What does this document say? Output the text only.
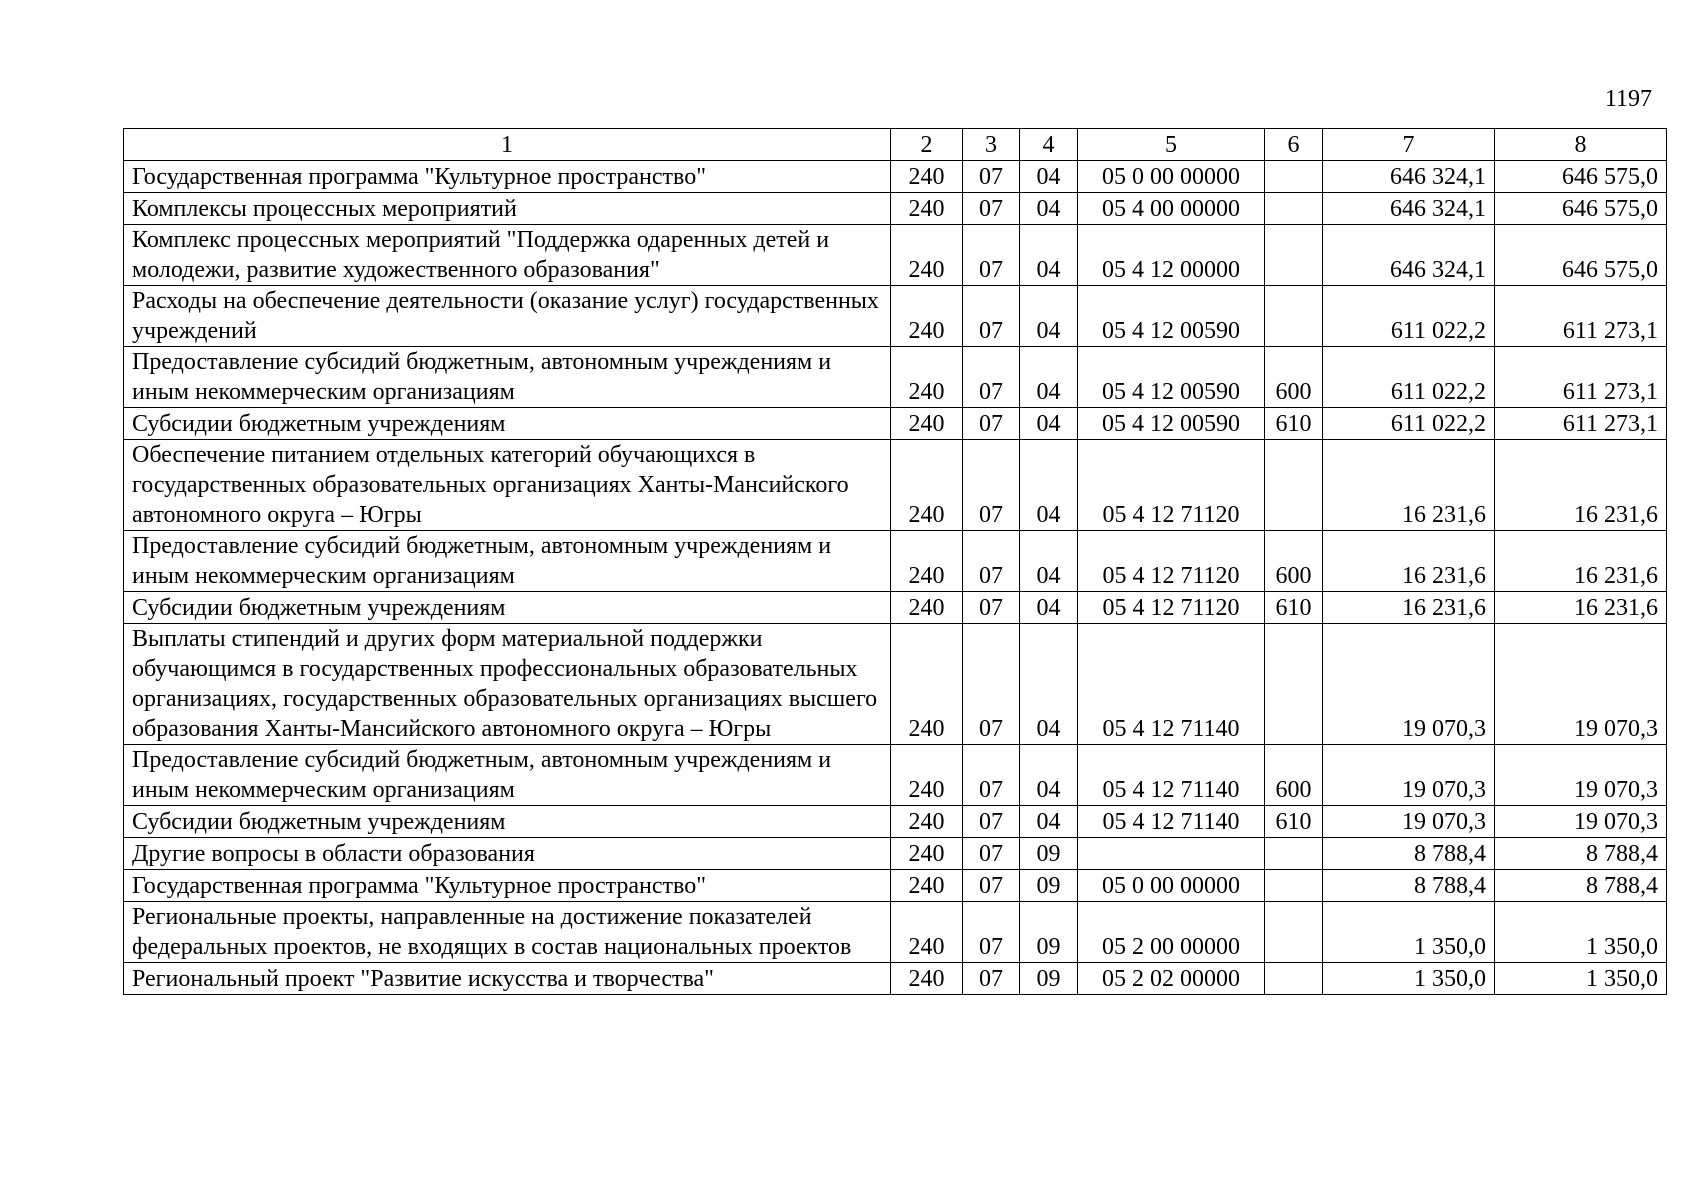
1197
1	2	3	4	5	6	7	8
Государственная программа "Культурное пространство"	240	07	04	05 0 00 00000		646 324,1	646 575,0
Комплексы процессных мероприятий	240	07	04	05 4 00 00000		646 324,1	646 575,0
Комплекс процессных мероприятий "Поддержка одаренных детей и молодежи, развитие художественного образования"	240	07	04	05 4 12 00000		646 324,1	646 575,0
Расходы на обеспечение деятельности (оказание услуг) государственных учреждений	240	07	04	05 4 12 00590		611 022,2	611 273,1
Предоставление субсидий бюджетным, автономным учреждениям и иным некоммерческим организациям	240	07	04	05 4 12 00590	600	611 022,2	611 273,1
Субсидии бюджетным учреждениям	240	07	04	05 4 12 00590	610	611 022,2	611 273,1
Обеспечение питанием отдельных категорий обучающихся в государственных образовательных организациях Ханты-Мансийского автономного округа – Югры	240	07	04	05 4 12 71120		16 231,6	16 231,6
Предоставление субсидий бюджетным, автономным учреждениям и иным некоммерческим организациям	240	07	04	05 4 12 71120	600	16 231,6	16 231,6
Субсидии бюджетным учреждениям	240	07	04	05 4 12 71120	610	16 231,6	16 231,6
Выплаты стипендий и других форм материальной поддержки обучающимся в государственных профессиональных образовательных организациях, государственных образовательных организациях высшего образования Ханты-Мансийского автономного округа – Югры	240	07	04	05 4 12 71140		19 070,3	19 070,3
Предоставление субсидий бюджетным, автономным учреждениям и иным некоммерческим организациям	240	07	04	05 4 12 71140	600	19 070,3	19 070,3
Субсидии бюджетным учреждениям	240	07	04	05 4 12 71140	610	19 070,3	19 070,3
Другие вопросы в области образования	240	07	09			8 788,4	8 788,4
Государственная программа "Культурное пространство"	240	07	09	05 0 00 00000		8 788,4	8 788,4
Региональные проекты, направленные на достижение показателей федеральных проектов, не входящих в состав национальных проектов	240	07	09	05 2 00 00000		1 350,0	1 350,0
Региональный проект "Развитие искусства и творчества"	240	07	09	05 2 02 00000		1 350,0	1 350,0
